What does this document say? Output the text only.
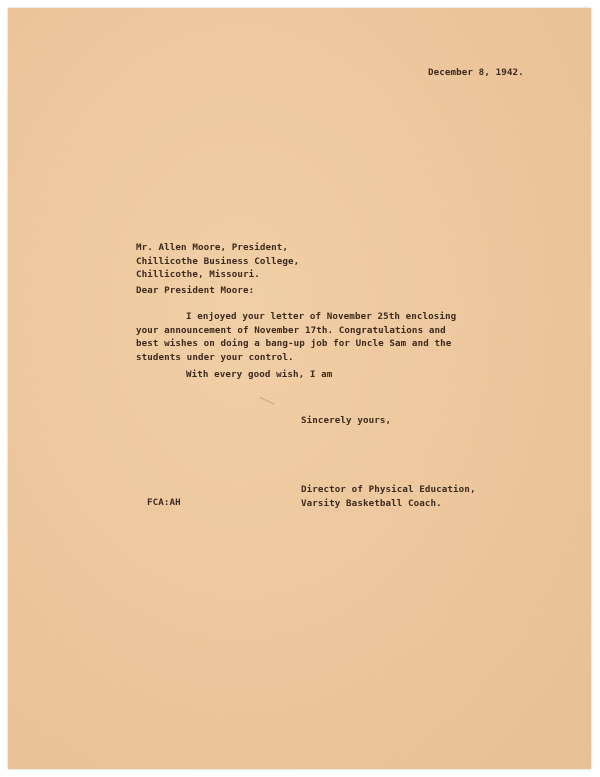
December 8, 1942.

Mr. Allen Moore, President,
Chillicothe Business College,
Chillicothe, Missouri.

Dear President Moore:

I enjoyed your letter of November 25th enclosing
your announcement of November 17th. Congratulations and
best wishes on doing a bang-up job for Uncle Sam and the
students under your control.

With every good wish, I am

Sincerely yours,

Director of Physical Education,
Varsity Basketball Coach.

FCA:AH
